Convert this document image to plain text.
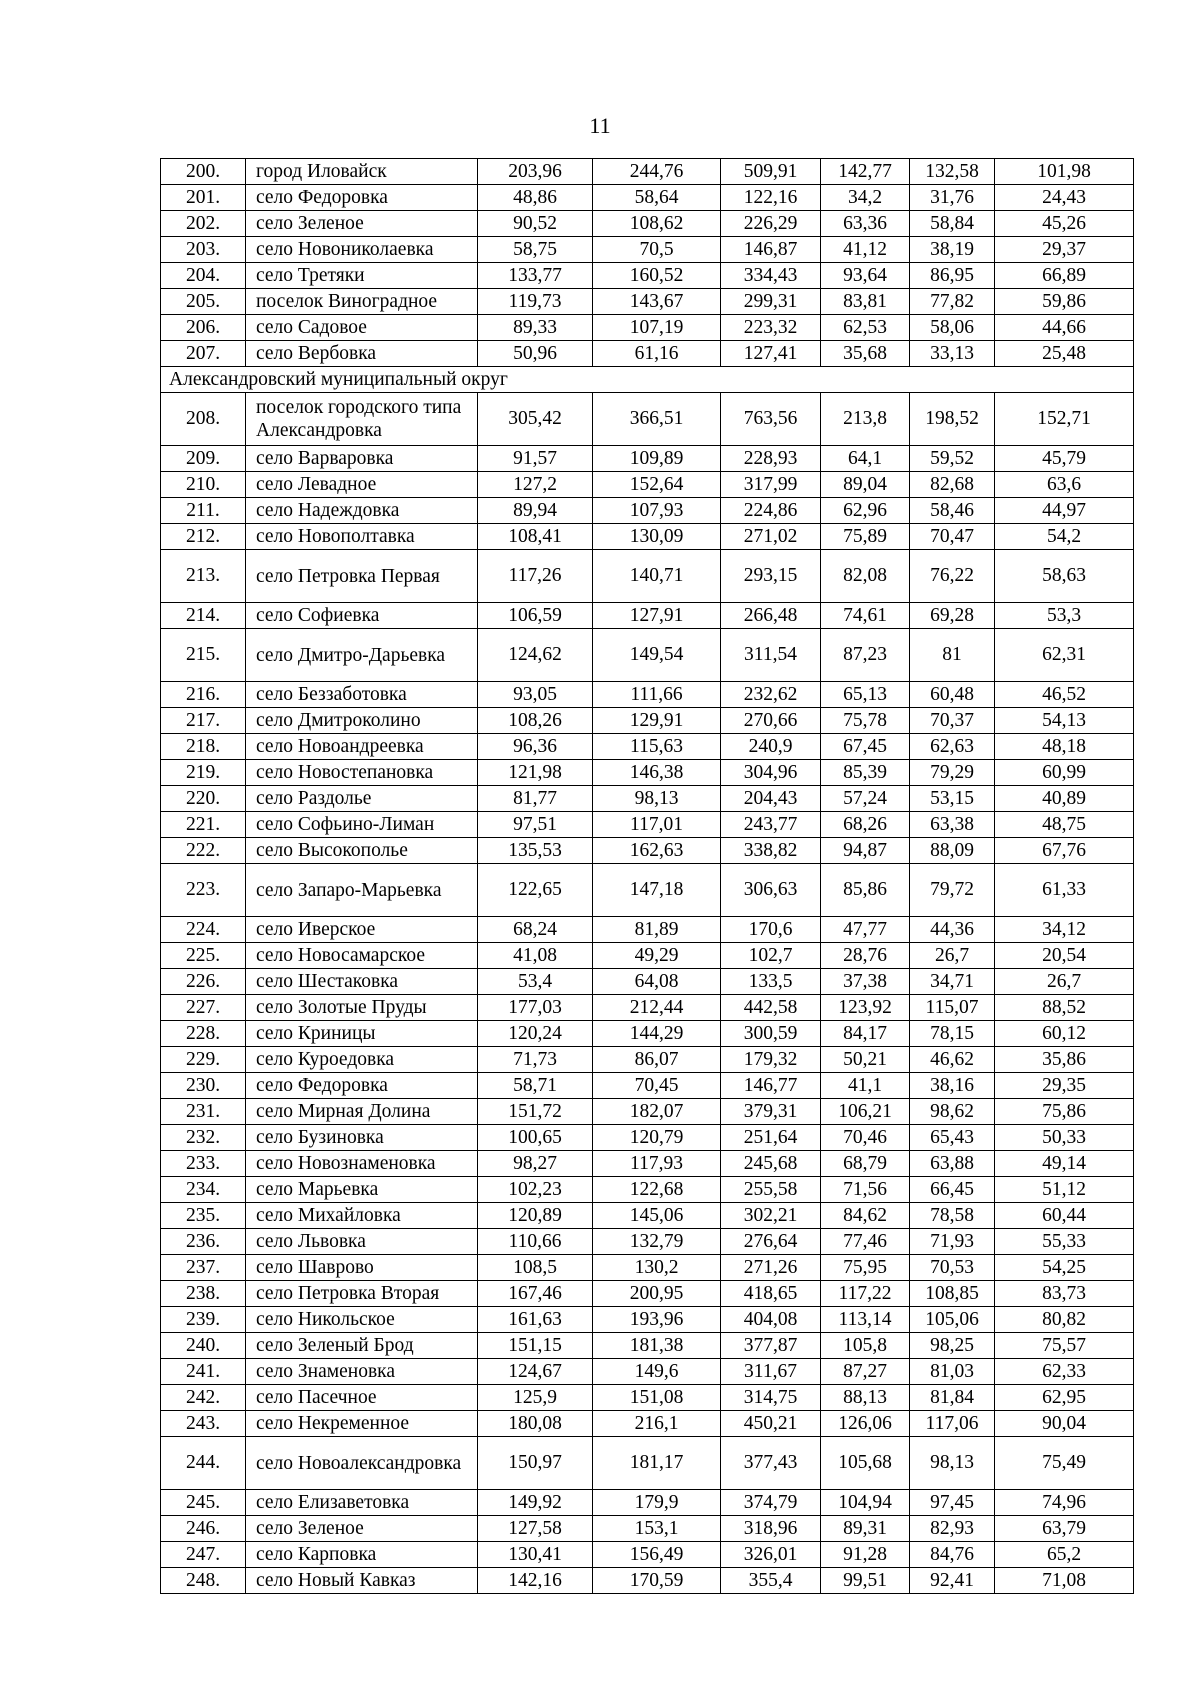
11
200.	город Иловайск	203,96	244,76	509,91	142,77	132,58	101,98
201.	село Федоровка	48,86	58,64	122,16	34,2	31,76	24,43
202.	село Зеленое	90,52	108,62	226,29	63,36	58,84	45,26
203.	село Новониколаевка	58,75	70,5	146,87	41,12	38,19	29,37
204.	село Третяки	133,77	160,52	334,43	93,64	86,95	66,89
205.	поселок Виноградное	119,73	143,67	299,31	83,81	77,82	59,86
206.	село Садовое	89,33	107,19	223,32	62,53	58,06	44,66
207.	село Вербовка	50,96	61,16	127,41	35,68	33,13	25,48
Александровский муниципальный округ							
208.	поселок городского типа Александровка	305,42	366,51	763,56	213,8	198,52	152,71
209.	село Варваровка	91,57	109,89	228,93	64,1	59,52	45,79
210.	село Левадное	127,2	152,64	317,99	89,04	82,68	63,6
211.	село Надеждовка	89,94	107,93	224,86	62,96	58,46	44,97
212.	село Новополтавка	108,41	130,09	271,02	75,89	70,47	54,2
213.	село Петровка Первая	117,26	140,71	293,15	82,08	76,22	58,63
214.	село Софиевка	106,59	127,91	266,48	74,61	69,28	53,3
215.	село Дмитро-Дарьевка	124,62	149,54	311,54	87,23	81	62,31
216.	село Беззаботовка	93,05	111,66	232,62	65,13	60,48	46,52
217.	село Дмитроколино	108,26	129,91	270,66	75,78	70,37	54,13
218.	село Новоандреевка	96,36	115,63	240,9	67,45	62,63	48,18
219.	село Новостепановка	121,98	146,38	304,96	85,39	79,29	60,99
220.	село Раздолье	81,77	98,13	204,43	57,24	53,15	40,89
221.	село Софьино-Лиман	97,51	117,01	243,77	68,26	63,38	48,75
222.	село Высокополье	135,53	162,63	338,82	94,87	88,09	67,76
223.	село Запаро-Марьевка	122,65	147,18	306,63	85,86	79,72	61,33
224.	село Иверское	68,24	81,89	170,6	47,77	44,36	34,12
225.	село Новосамарское	41,08	49,29	102,7	28,76	26,7	20,54
226.	село Шестаковка	53,4	64,08	133,5	37,38	34,71	26,7
227.	село Золотые Пруды	177,03	212,44	442,58	123,92	115,07	88,52
228.	село Криницы	120,24	144,29	300,59	84,17	78,15	60,12
229.	село Куроедовка	71,73	86,07	179,32	50,21	46,62	35,86
230.	село Федоровка	58,71	70,45	146,77	41,1	38,16	29,35
231.	село Мирная Долина	151,72	182,07	379,31	106,21	98,62	75,86
232.	село Бузиновка	100,65	120,79	251,64	70,46	65,43	50,33
233.	село Новознаменовка	98,27	117,93	245,68	68,79	63,88	49,14
234.	село Марьевка	102,23	122,68	255,58	71,56	66,45	51,12
235.	село Михайловка	120,89	145,06	302,21	84,62	78,58	60,44
236.	село Львовка	110,66	132,79	276,64	77,46	71,93	55,33
237.	село Шаврово	108,5	130,2	271,26	75,95	70,53	54,25
238.	село Петровка Вторая	167,46	200,95	418,65	117,22	108,85	83,73
239.	село Никольское	161,63	193,96	404,08	113,14	105,06	80,82
240.	село Зеленый Брод	151,15	181,38	377,87	105,8	98,25	75,57
241.	село Знаменовка	124,67	149,6	311,67	87,27	81,03	62,33
242.	село Пасечное	125,9	151,08	314,75	88,13	81,84	62,95
243.	село Некременное	180,08	216,1	450,21	126,06	117,06	90,04
244.	село Новоалександровка	150,97	181,17	377,43	105,68	98,13	75,49
245.	село Елизаветовка	149,92	179,9	374,79	104,94	97,45	74,96
246.	село Зеленое	127,58	153,1	318,96	89,31	82,93	63,79
247.	село Карповка	130,41	156,49	326,01	91,28	84,76	65,2
248.	село Новый Кавказ	142,16	170,59	355,4	99,51	92,41	71,08
